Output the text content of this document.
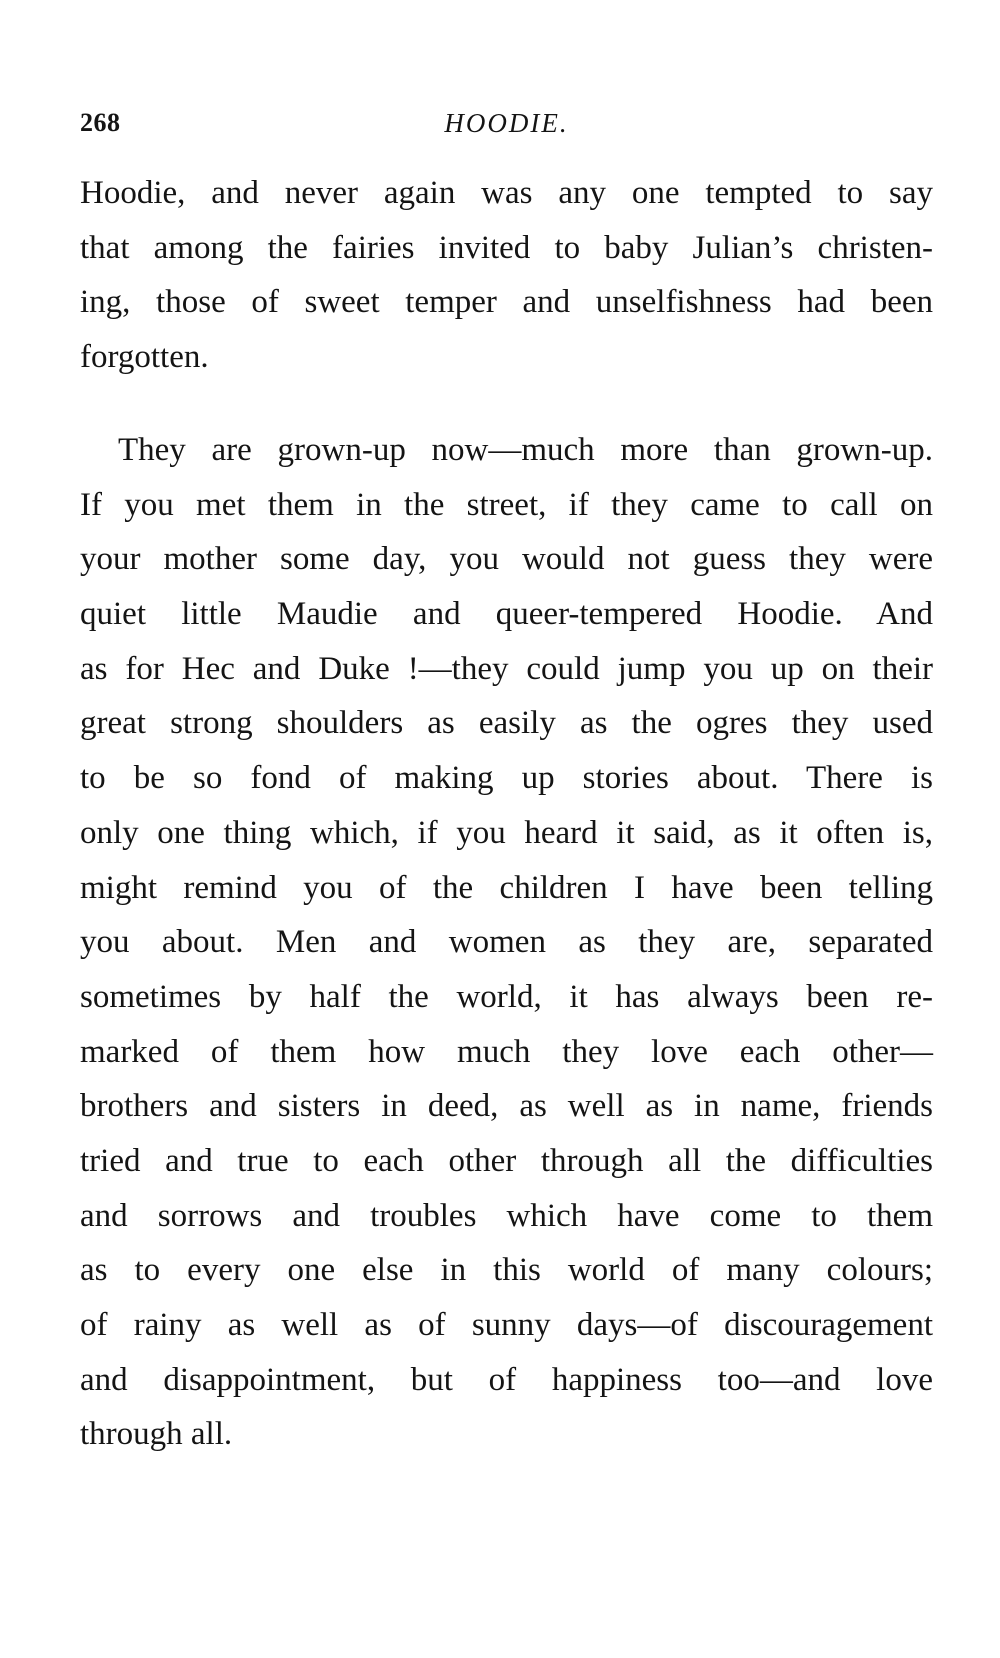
268	HOODIE.
Hoodie, and never again was any one tempted to say
that among the fairies invited to baby Julian’s christen-
ing, those of sweet temper and unselfishness had been
forgotten.
They are grown-up now—much more than grown-up.
If you met them in the street, if they came to call on
your mother some day, you would not guess they were
quiet little Maudie and queer-tempered Hoodie. And
as for Hec and Duke !—they could jump you up on their
great strong shoulders as easily as the ogres they used
to be so fond of making up stories about. There is
only one thing which, if you heard it said, as it often is,
might remind you of the children I have been telling
you about. Men and women as they are, separated
sometimes by half the world, it has always been re-
marked of them how much they love each other—
brothers and sisters in deed, as well as in name, friends
tried and true to each other through all the difficulties
and sorrows and troubles which have come to them
as to every one else in this world of many colours;
of rainy as well as of sunny days—of discouragement
and disappointment, but of happiness too—and love
through all.
